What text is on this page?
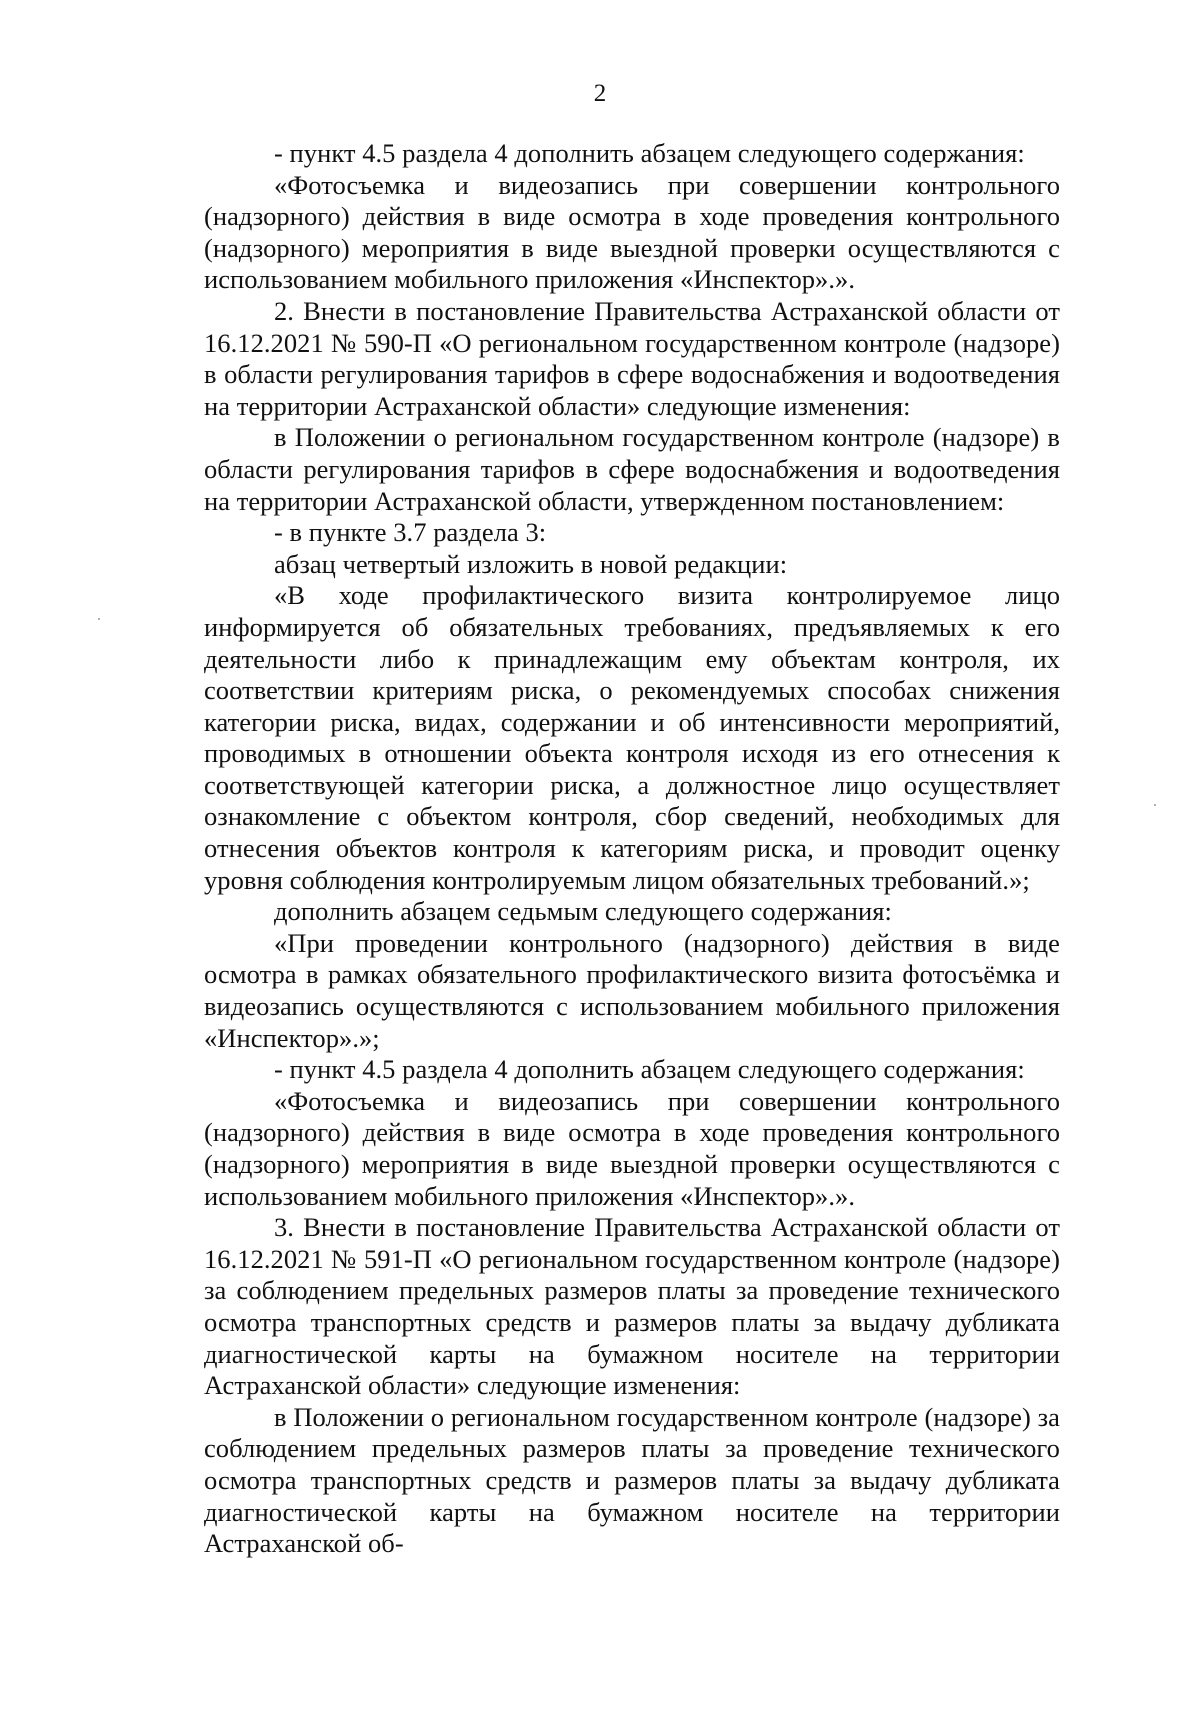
2

- пункт 4.5 раздела 4 дополнить абзацем следующего содержания:

«Фотосъемка и видеозапись при совершении контрольного (надзорного) действия в виде осмотра в ходе проведения контрольного (надзорного) мероприятия в виде выездной проверки осуществляются с использованием мобильного приложения «Инспектор».».

2. Внести в постановление Правительства Астраханской области от 16.12.2021 № 590-П «О региональном государственном контроле (надзоре) в области регулирования тарифов в сфере водоснабжения и водоотведения на территории Астраханской области» следующие изменения:

в Положении о региональном государственном контроле (надзоре) в области регулирования тарифов в сфере водоснабжения и водоотведения на территории Астраханской области, утвержденном постановлением:

- в пункте 3.7 раздела 3:

абзац четвертый изложить в новой редакции:

«В ходе профилактического визита контролируемое лицо информируется об обязательных требованиях, предъявляемых к его деятельности либо к принадлежащим ему объектам контроля, их соответствии критериям риска, о рекомендуемых способах снижения категории риска, видах, содержании и об интенсивности мероприятий, проводимых в отношении объекта контроля исходя из его отнесения к соответствующей категории риска, а должностное лицо осуществляет ознакомление с объектом контроля, сбор сведений, необходимых для отнесения объектов контроля к категориям риска, и проводит оценку уровня соблюдения контролируемым лицом обязательных требований.»;

дополнить абзацем седьмым следующего содержания:

«При проведении контрольного (надзорного) действия в виде осмотра в рамках обязательного профилактического визита фотосъёмка и видеозапись осуществляются с использованием мобильного приложения «Инспектор».»;

- пункт 4.5 раздела 4 дополнить абзацем следующего содержания:

«Фотосъемка и видеозапись при совершении контрольного (надзорного) действия в виде осмотра в ходе проведения контрольного (надзорного) мероприятия в виде выездной проверки осуществляются с использованием мобильного приложения «Инспектор».».

3. Внести в постановление Правительства Астраханской области от 16.12.2021 № 591-П «О региональном государственном контроле (надзоре) за соблюдением предельных размеров платы за проведение технического осмотра транспортных средств и размеров платы за выдачу дубликата диагностической карты на бумажном носителе на территории Астраханской области» следующие изменения:

в Положении о региональном государственном контроле (надзоре) за соблюдением предельных размеров платы за проведение технического осмотра транспортных средств и размеров платы за выдачу дубликата диагностической карты на бумажном носителе на территории Астраханской об-
